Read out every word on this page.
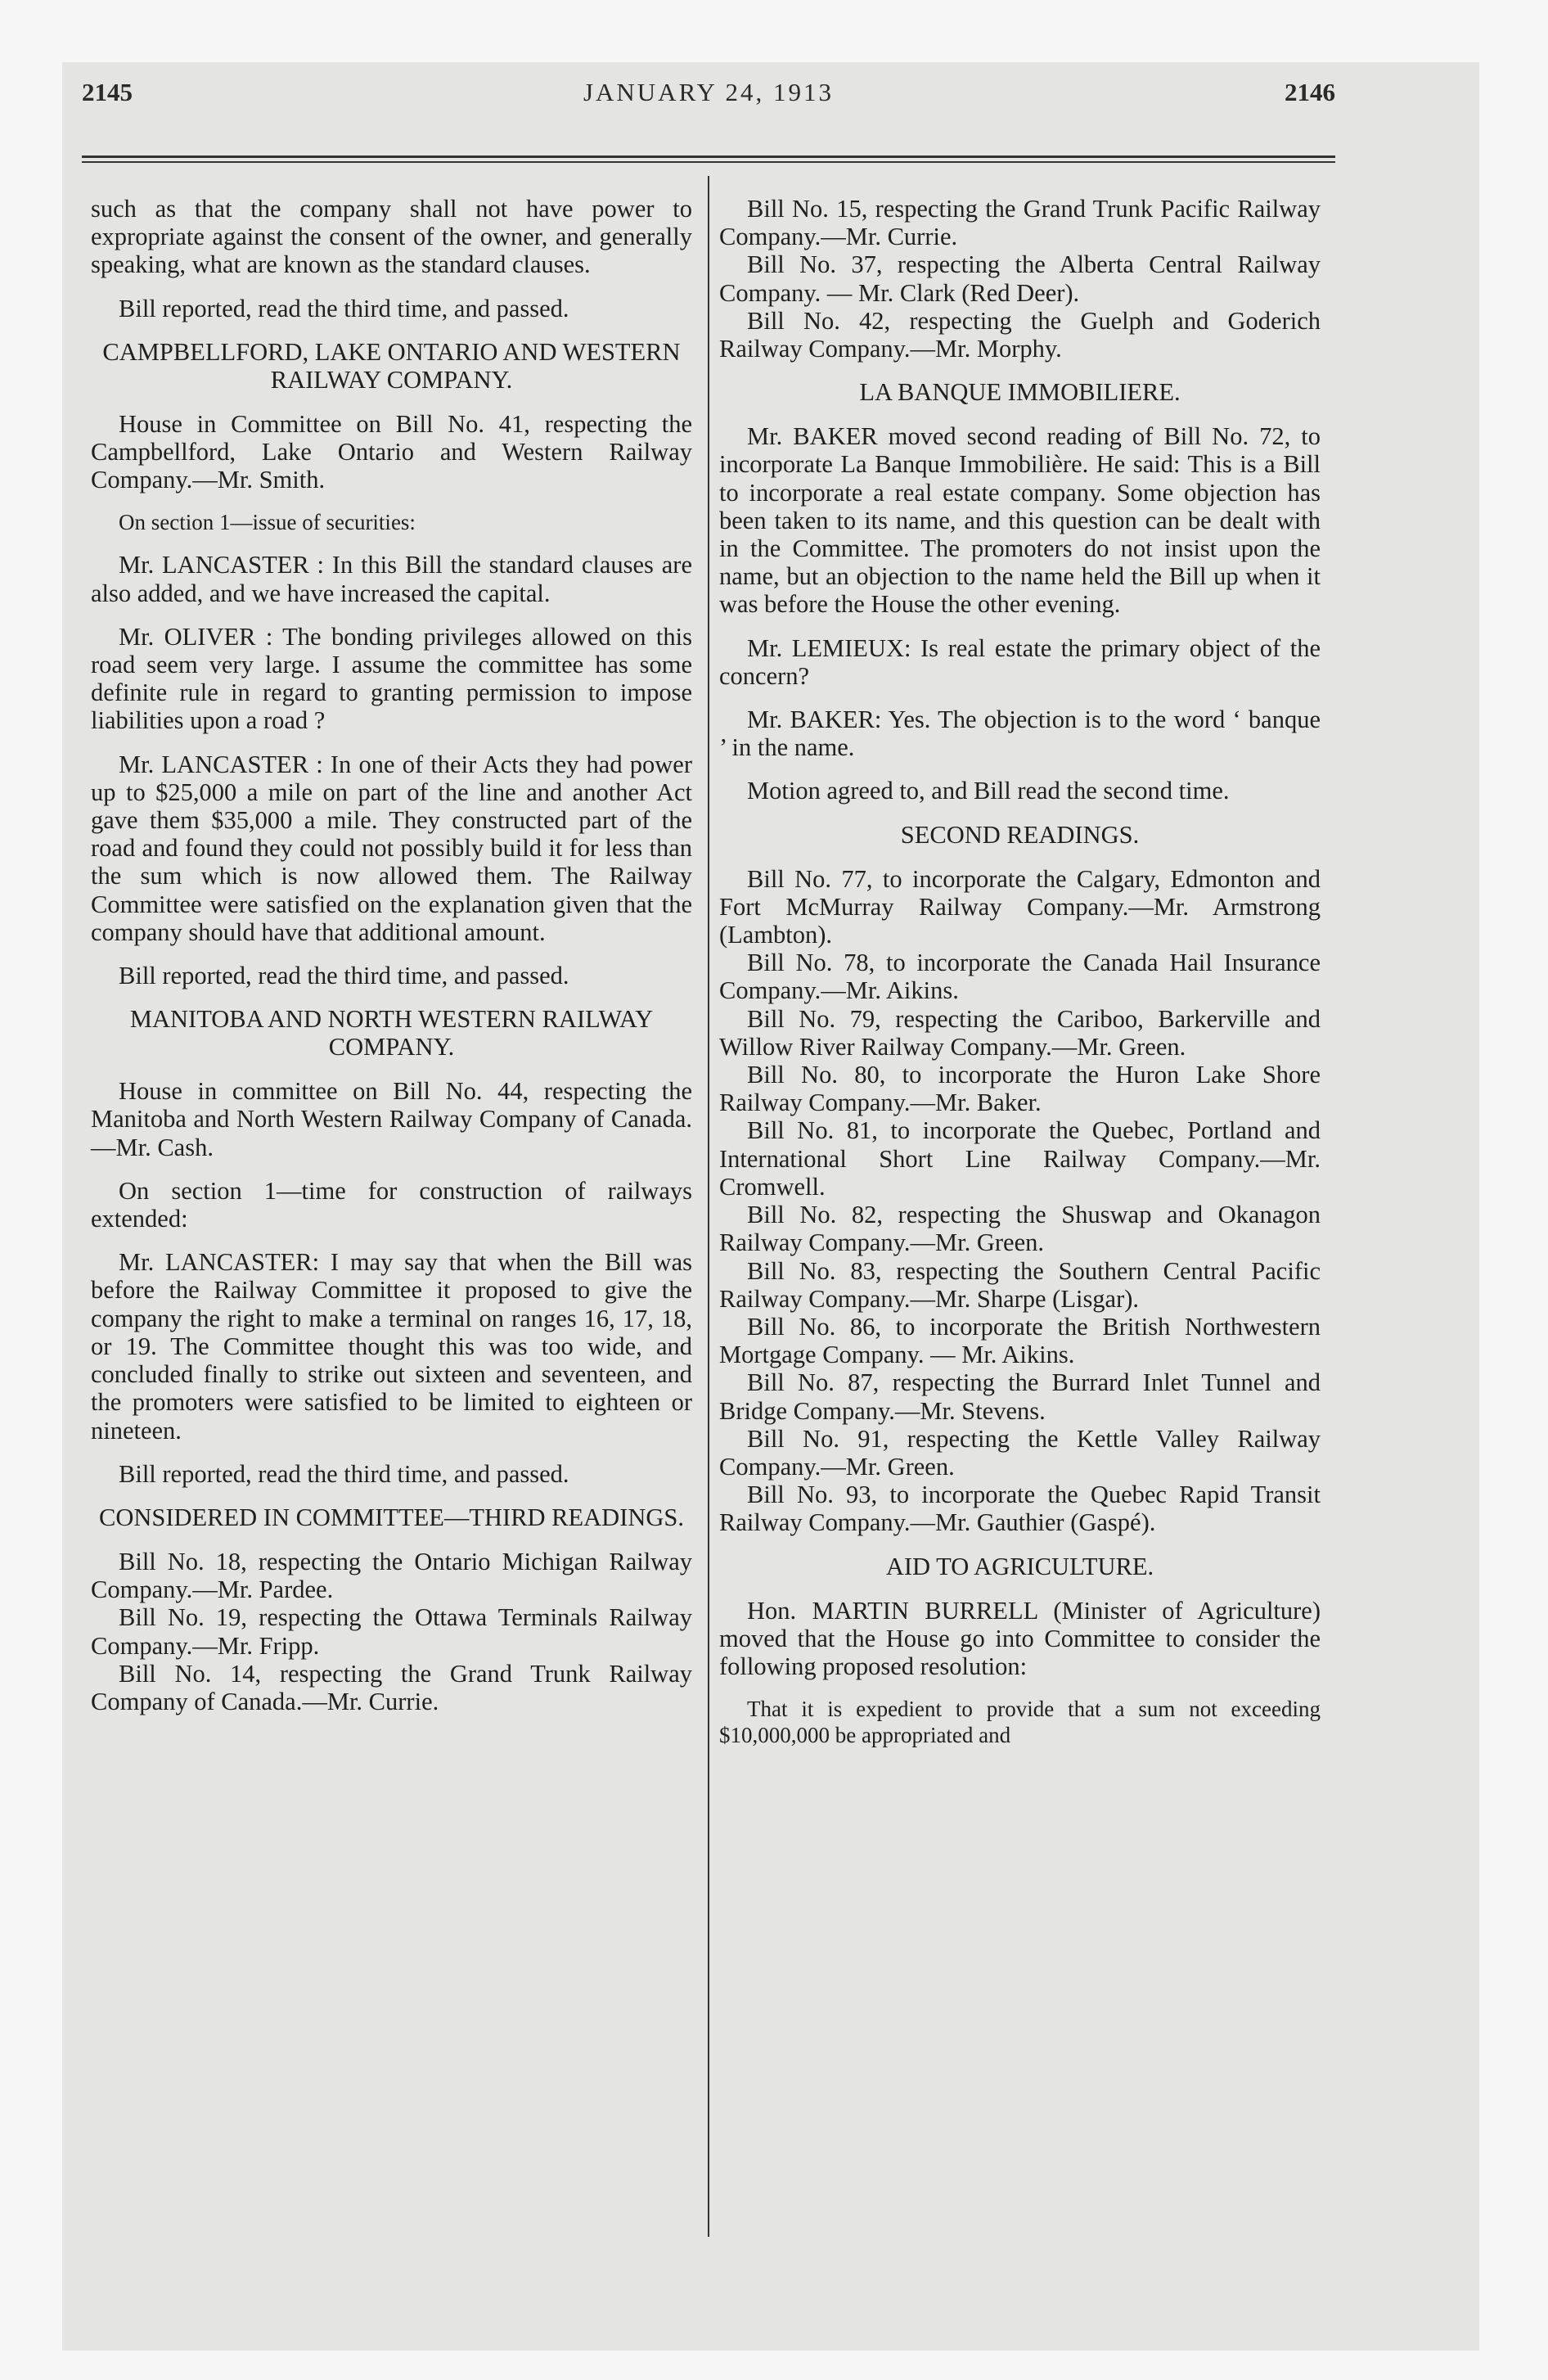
2145	JANUARY 24, 1913	2146

such as that the company shall not have power to expropriate against the consent of the owner, and generally speaking, what are known as the standard clauses.

Bill reported, read the third time, and passed.

CAMPBELLFORD, LAKE ONTARIO AND WESTERN RAILWAY COMPANY.

House in Committee on Bill No. 41, respecting the Campbellford, Lake Ontario and Western Railway Company.—Mr. Smith.

On section 1—issue of securities:

Mr. LANCASTER : In this Bill the standard clauses are also added, and we have increased the capital.

Mr. OLIVER : The bonding privileges allowed on this road seem very large. I assume the committee has some definite rule in regard to granting permission to impose liabilities upon a road ?

Mr. LANCASTER : In one of their Acts they had power up to $25,000 a mile on part of the line and another Act gave them $35,000 a mile. They constructed part of the road and found they could not possibly build it for less than the sum which is now allowed them. The Railway Committee were satisfied on the explanation given that the company should have that additional amount.

Bill reported, read the third time, and passed.

MANITOBA AND NORTH WESTERN RAILWAY COMPANY.

House in committee on Bill No. 44, respecting the Manitoba and North Western Railway Company of Canada.—Mr. Cash.

On section 1—time for construction of railways extended:

Mr. LANCASTER: I may say that when the Bill was before the Railway Committee it proposed to give the company the right to make a terminal on ranges 16, 17, 18, or 19. The Committee thought this was too wide, and concluded finally to strike out sixteen and seventeen, and the promoters were satisfied to be limited to eighteen or nineteen.

Bill reported, read the third time, and passed.

CONSIDERED IN COMMITTEE—THIRD READINGS.

Bill No. 18, respecting the Ontario Michigan Railway Company.—Mr. Pardee.

Bill No. 19, respecting the Ottawa Terminals Railway Company.—Mr. Fripp.

Bill No. 14, respecting the Grand Trunk Railway Company of Canada.—Mr. Currie.

Bill No. 15, respecting the Grand Trunk Pacific Railway Company.—Mr. Currie.

Bill No. 37, respecting the Alberta Central Railway Company. — Mr. Clark (Red Deer).

Bill No. 42, respecting the Guelph and Goderich Railway Company.—Mr. Morphy.

LA BANQUE IMMOBILIERE.

Mr. BAKER moved second reading of Bill No. 72, to incorporate La Banque Immobilière. He said: This is a Bill to incorporate a real estate company. Some objection has been taken to its name, and this question can be dealt with in the Committee. The promoters do not insist upon the name, but an objection to the name held the Bill up when it was before the House the other evening.

Mr. LEMIEUX: Is real estate the primary object of the concern?

Mr. BAKER: Yes. The objection is to the word ‘ banque ’ in the name.

Motion agreed to, and Bill read the second time.

SECOND READINGS.

Bill No. 77, to incorporate the Calgary, Edmonton and Fort McMurray Railway Company.—Mr. Armstrong (Lambton).

Bill No. 78, to incorporate the Canada Hail Insurance Company.—Mr. Aikins.

Bill No. 79, respecting the Cariboo, Barkerville and Willow River Railway Company.—Mr. Green.

Bill No. 80, to incorporate the Huron Lake Shore Railway Company.—Mr. Baker.

Bill No. 81, to incorporate the Quebec, Portland and International Short Line Railway Company.—Mr. Cromwell.

Bill No. 82, respecting the Shuswap and Okanagon Railway Company.—Mr. Green.

Bill No. 83, respecting the Southern Central Pacific Railway Company.—Mr. Sharpe (Lisgar).

Bill No. 86, to incorporate the British Northwestern Mortgage Company. — Mr. Aikins.

Bill No. 87, respecting the Burrard Inlet Tunnel and Bridge Company.—Mr. Stevens.

Bill No. 91, respecting the Kettle Valley Railway Company.—Mr. Green.

Bill No. 93, to incorporate the Quebec Rapid Transit Railway Company.—Mr. Gauthier (Gaspé).

AID TO AGRICULTURE.

Hon. MARTIN BURRELL (Minister of Agriculture) moved that the House go into Committee to consider the following proposed resolution:

That it is expedient to provide that a sum not exceeding $10,000,000 be appropriated and
